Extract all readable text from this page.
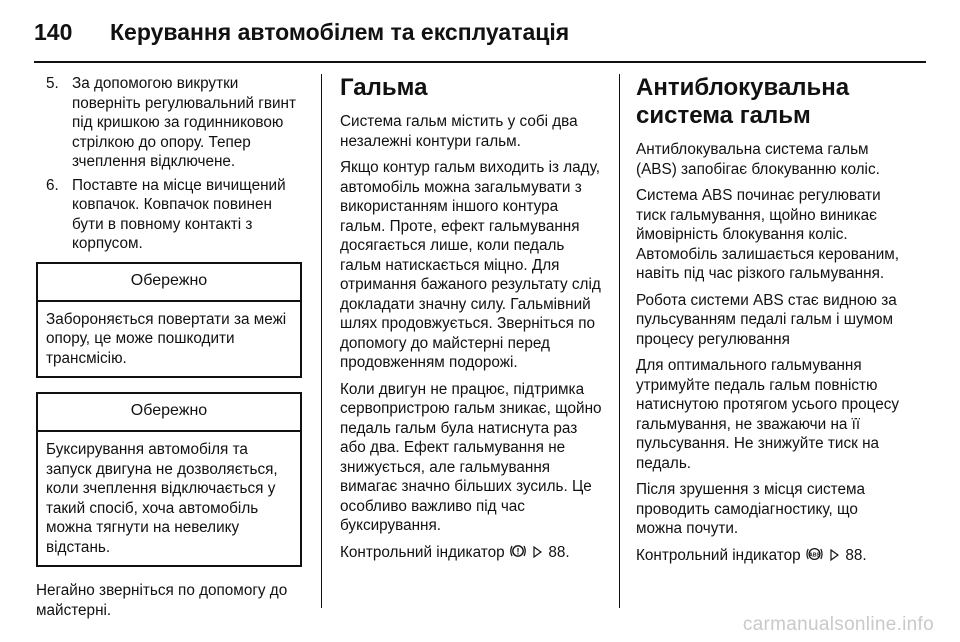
140	Керування автомобілем та експлуатація
5. За допомогою викрутки поверніть регулювальний гвинт під кришкою за годинниковою стрілкою до опору. Тепер зчеплення відключене.
6. Поставте на місце вичищений ковпачок. Ковпачок повинен бути в повному контакті з корпусом.
Обережно
Забороняється повертати за межі опору, це може пошкодити трансмісію.
Обережно
Буксирування автомобіля та запуск двигуна не дозволяється, коли зчеплення відключається у такий спосіб, хоча автомобіль можна тягнути на невелику відстань.

Негайно зверніться по допомогу до майстерні.

Гальма

Система гальм містить у собі два незалежні контури гальм.

Якщо контур гальм виходить із ладу, автомобіль можна загальмувати з використанням іншого контура гальм. Проте, ефект гальмування досягається лише, коли педаль гальм натискається міцно. Для отримання бажаного результату слід докладати значну силу. Гальмівний шлях продовжується. Зверніться по допомогу до майстерні перед продовженням подорожі.

Коли двигун не працює, підтримка сервопристрою гальм зникає, щойно педаль гальм була натиснута раз або два. Ефект гальмування не знижується, але гальмування вимагає значно більших зусиль. Це особливо важливо під час буксирування.

Контрольний індикатор ! 88.

Антиблокувальна система гальм

Антиблокувальна система гальм (ABS) запобігає блокуванню коліс.

Система ABS починає регулювати тиск гальмування, щойно виникає ймовірність блокування коліс. Автомобіль залишається керованим, навіть під час різкого гальмування.

Робота системи ABS стає видною за пульсуванням педалі гальм і шумом процесу регулювання

Для оптимального гальмування утримуйте педаль гальм повністю натиснутою протягом усього процесу гальмування, не зважаючи на її пульсування. Не знижуйте тиск на педаль.

Після зрушення з місця система проводить самодіагностику, що можна почути.

Контрольний індикатор ABS 88.

carmanualsonline.info
